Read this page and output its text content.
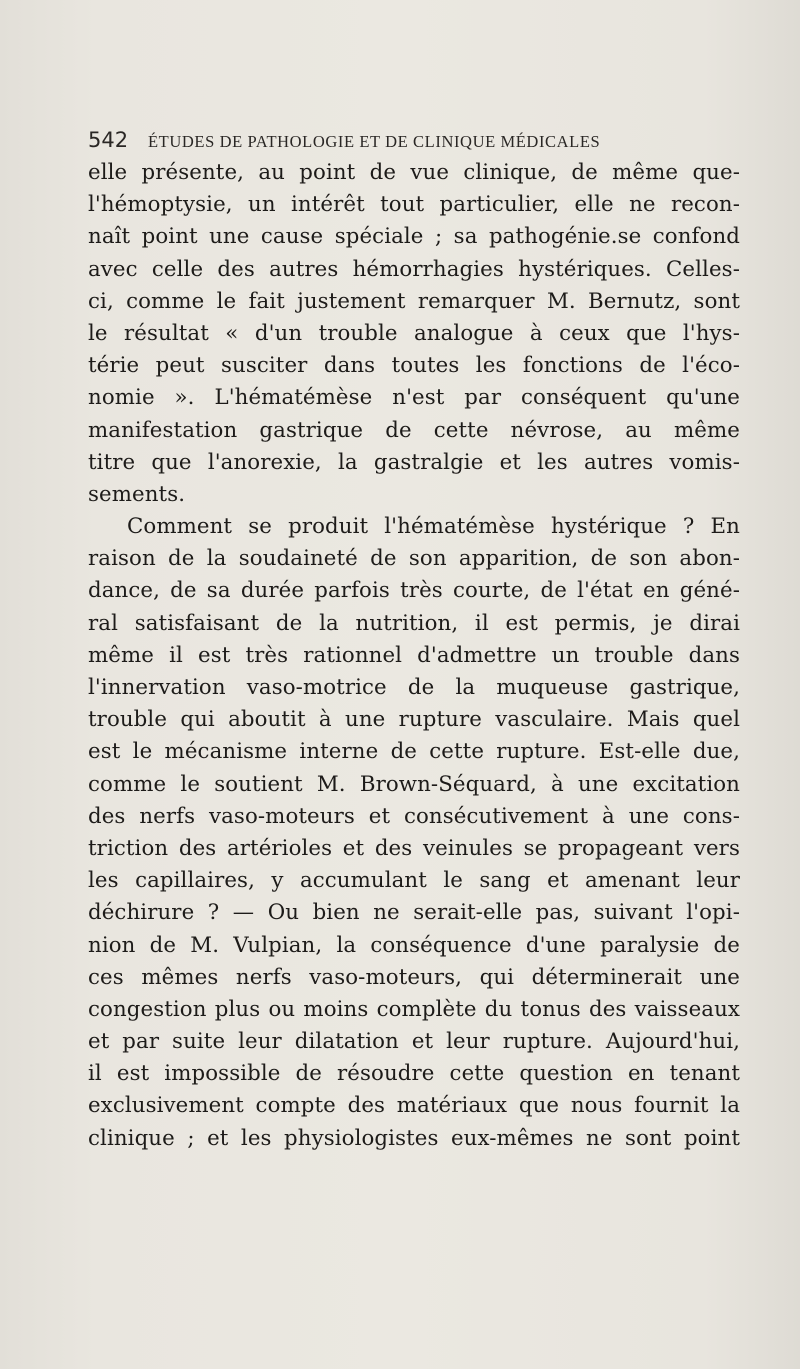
542 ÉTUDES DE PATHOLOGIE ET DE CLINIQUE MÉDICALES
elle présente, au point de vue clinique, de même que-
l'hémoptysie, un intérêt tout particulier, elle ne recon-
naît point une cause spéciale ; sa pathogénie.se confond
avec celle des autres hémorrhagies hystériques. Celles-
ci, comme le fait justement remarquer M. Bernutz, sont
le résultat « d'un trouble analogue à ceux que l'hys-
térie peut susciter dans toutes les fonctions de l'éco-
nomie ». L'hématémèse n'est par conséquent qu'une
manifestation gastrique de cette névrose, au même
titre que l'anorexie, la gastralgie et les autres vomis-
sements.
Comment se produit l'hématémèse hystérique ? En
raison de la soudaineté de son apparition, de son abon-
dance, de sa durée parfois très courte, de l'état en géné-
ral satisfaisant de la nutrition, il est permis, je dirai
même il est très rationnel d'admettre un trouble dans
l'innervation vaso-motrice de la muqueuse gastrique,
trouble qui aboutit à une rupture vasculaire. Mais quel
est le mécanisme interne de cette rupture. Est-elle due,
comme le soutient M. Brown-Séquard, à une excitation
des nerfs vaso-moteurs et consécutivement à une cons-
triction des artérioles et des veinules se propageant vers
les capillaires, y accumulant le sang et amenant leur
déchirure ? — Ou bien ne serait-elle pas, suivant l'opi-
nion de M. Vulpian, la conséquence d'une paralysie de
ces mêmes nerfs vaso-moteurs, qui déterminerait une
congestion plus ou moins complète du tonus des vaisseaux
et par suite leur dilatation et leur rupture. Aujourd'hui,
il est impossible de résoudre cette question en tenant
exclusivement compte des matériaux que nous fournit la
clinique ; et les physiologistes eux-mêmes ne sont point
